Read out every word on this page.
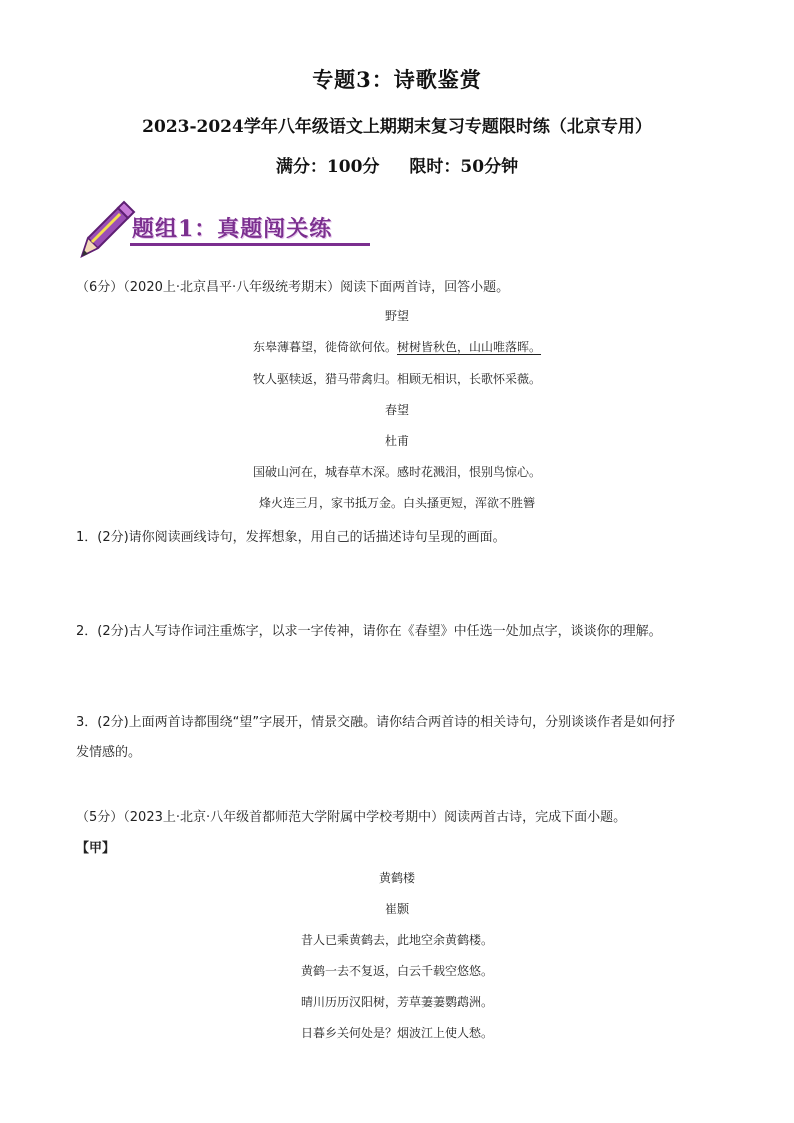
专题3：诗歌鉴赏
2023-2024学年八年级语文上期期末复习专题限时练（北京专用）
满分：100分 限时：50分钟
题组1：真题闯关练
（6分）（2020上·北京昌平·八年级统考期末）阅读下面两首诗，回答小题。
野望
东皋薄暮望，徙倚欲何依。树树皆秋色，山山唯落晖。
牧人驱犊返，猎马带禽归。相顾无相识，长歌怀采薇。
春望
杜甫
国破山河在，城春草木深。感时花溅泪，恨别鸟惊心。
烽火连三月，家书抵万金。白头搔更短，浑欲不胜簪
1．(2分)请你阅读画线诗句，发挥想象，用自己的话描述诗句呈现的画面。
2．(2分)古人写诗作词注重炼字，以求一字传神，请你在《春望》中任选一处加点字，谈谈你的理解。
3．(2分)上面两首诗都围绕“望”字展开，情景交融。请你结合两首诗的相关诗句，分别谈谈作者是如何抒
发情感的。
（5分）（2023上·北京·八年级首都师范大学附属中学校考期中）阅读两首古诗，完成下面小题。
【甲】
黄鹤楼
崔颢
昔人已乘黄鹤去，此地空余黄鹤楼。
黄鹤一去不复返，白云千载空悠悠。
晴川历历汉阳树，芳草萋萋鹦鹉洲。
日暮乡关何处是？烟波江上使人愁。
